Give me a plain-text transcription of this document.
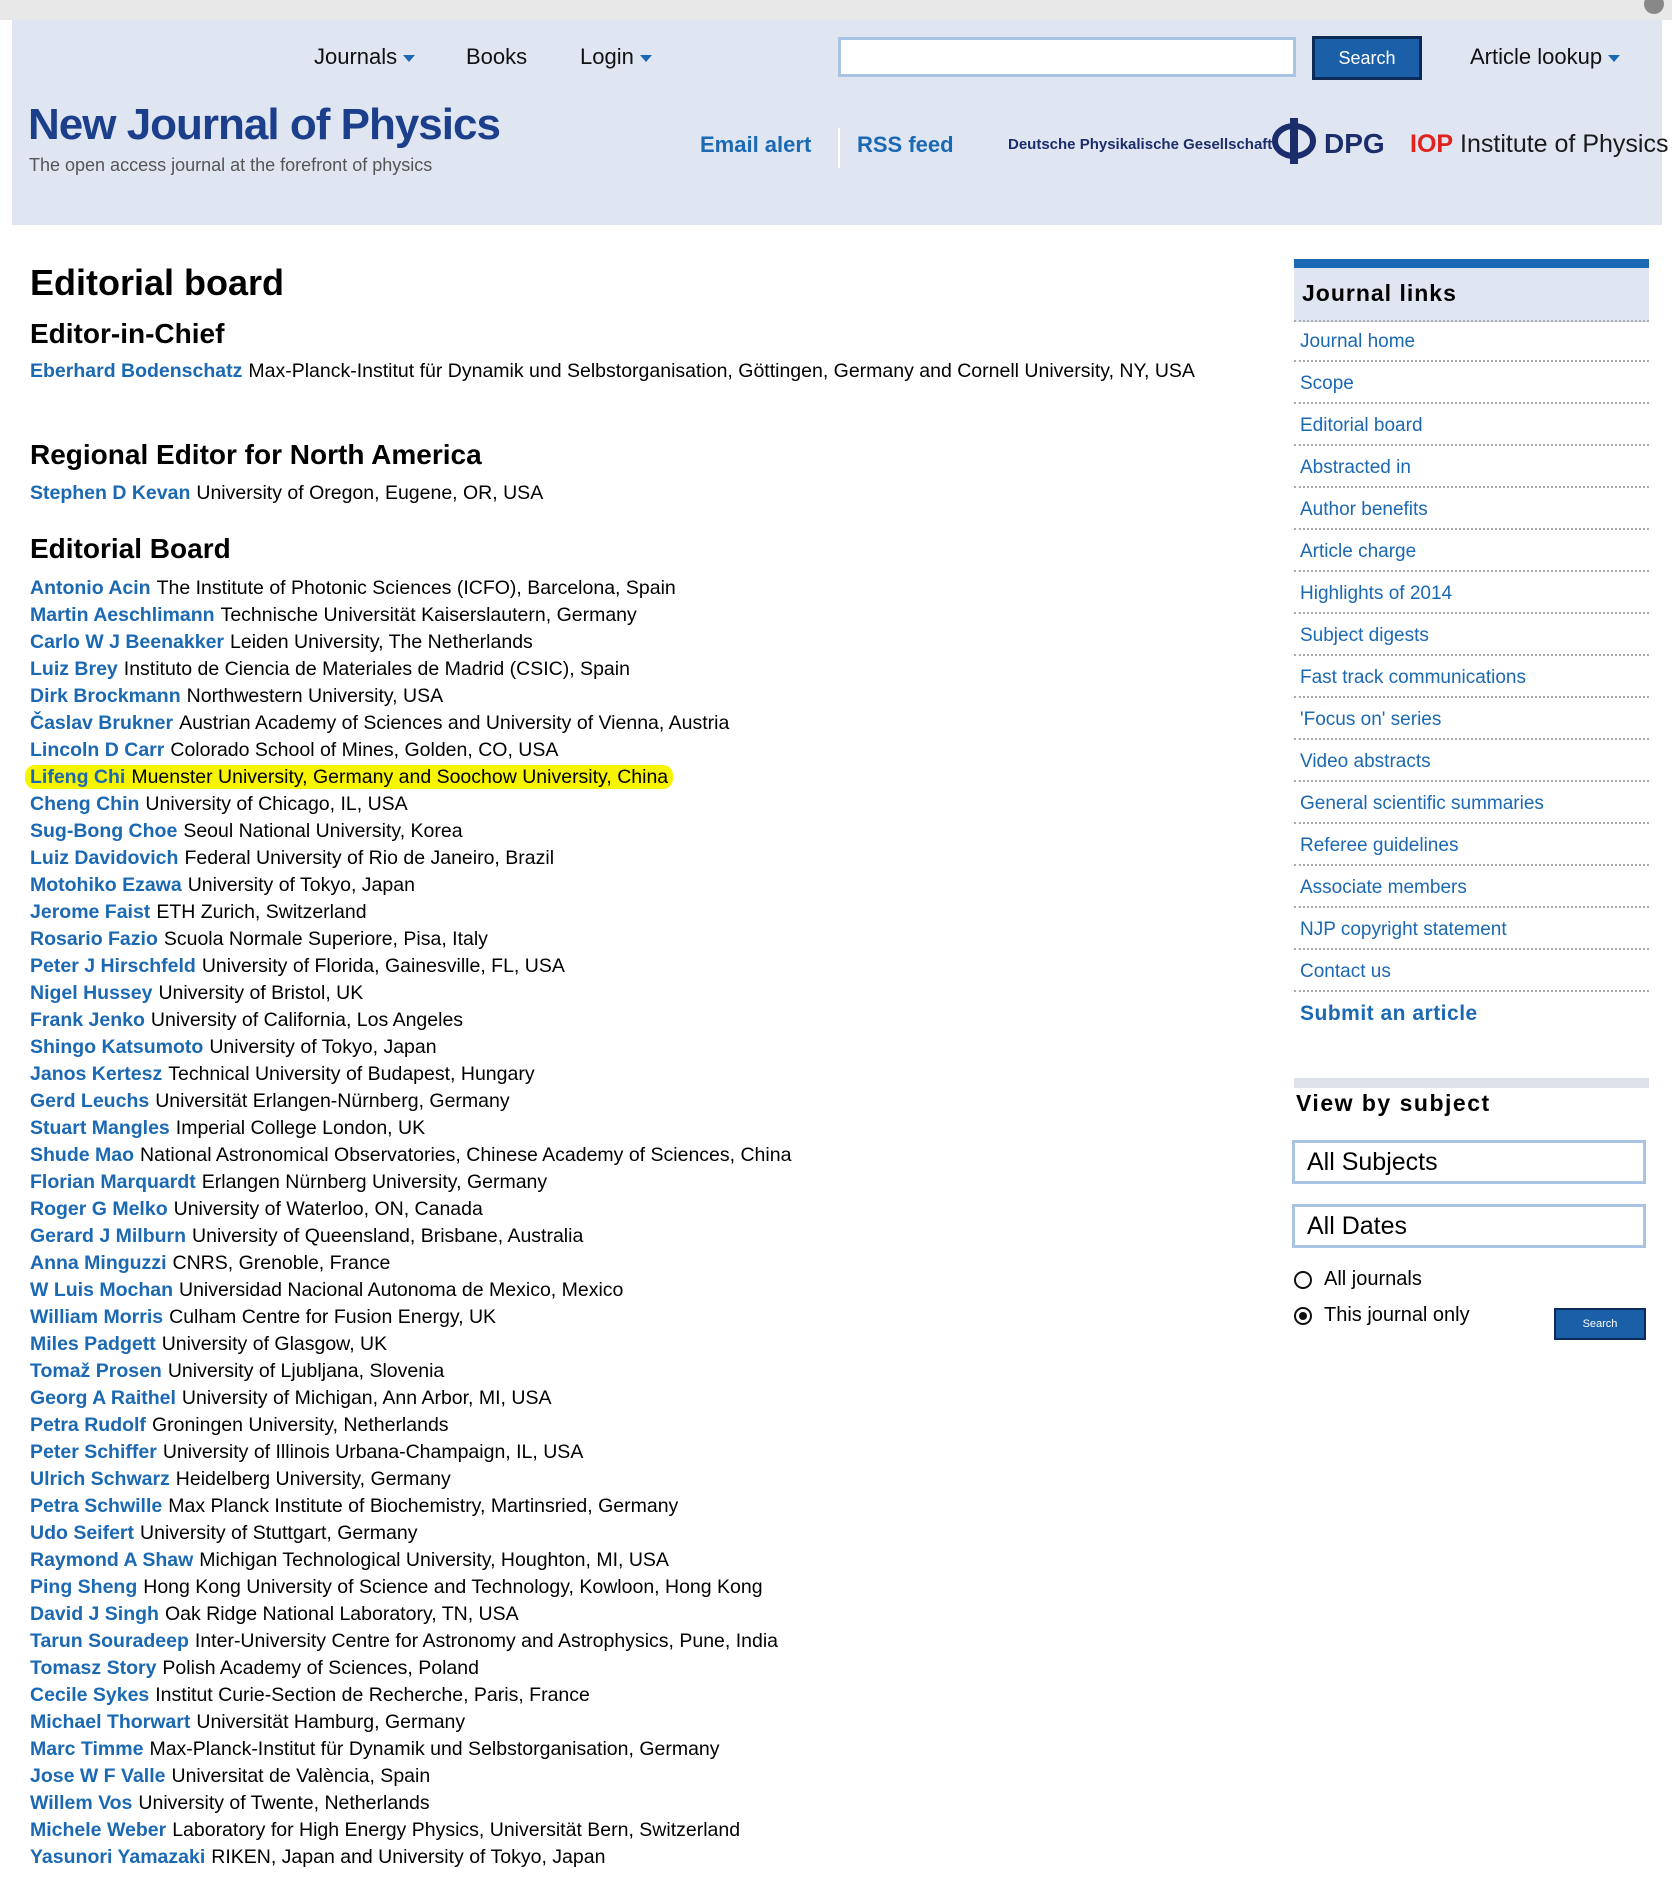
Journals	Books Login	Search	Article lookup
New Journal of Physics
The open access journal at the forefront of physics
Email alert RSS feed	Deutsche Physikalische Gesellschaft DPG IOP Institute of Physics
Editorial board
Editor-in-Chief
Eberhard Bodenschatz Max-Planck-Institut für Dynamik und Selbstorganisation, Göttingen, Germany and Cornell University, NY, USA
Regional Editor for North America
Stephen D Kevan University of Oregon, Eugene, OR, USA
Editorial Board
Antonio Acin The Institute of Photonic Sciences (ICFO), Barcelona, Spain
Martin Aeschlimann Technische Universität Kaiserslautern, Germany
Carlo W J Beenakker Leiden University, The Netherlands
Luiz Brey Instituto de Ciencia de Materiales de Madrid (CSIC), Spain
Dirk Brockmann Northwestern University, USA
Časlav Brukner Austrian Academy of Sciences and University of Vienna, Austria
Lincoln D Carr Colorado School of Mines, Golden, CO, USA
Lifeng Chi Muenster University, Germany and Soochow University, China
Cheng Chin University of Chicago, IL, USA
Sug-Bong Choe Seoul National University, Korea
Luiz Davidovich Federal University of Rio de Janeiro, Brazil
Motohiko Ezawa University of Tokyo, Japan
Jerome Faist ETH Zurich, Switzerland
Rosario Fazio Scuola Normale Superiore, Pisa, Italy
Peter J Hirschfeld University of Florida, Gainesville, FL, USA
Nigel Hussey University of Bristol, UK
Frank Jenko University of California, Los Angeles
Shingo Katsumoto University of Tokyo, Japan
Janos Kertesz Technical University of Budapest, Hungary
Gerd Leuchs Universität Erlangen-Nürnberg, Germany
Stuart Mangles Imperial College London, UK
Shude Mao National Astronomical Observatories, Chinese Academy of Sciences, China
Florian Marquardt Erlangen Nürnberg University, Germany
Roger G Melko University of Waterloo, ON, Canada
Gerard J Milburn University of Queensland, Brisbane, Australia
Anna Minguzzi CNRS, Grenoble, France
W Luis Mochan Universidad Nacional Autonoma de Mexico, Mexico
William Morris Culham Centre for Fusion Energy, UK
Miles Padgett University of Glasgow, UK
Tomaž Prosen University of Ljubljana, Slovenia
Georg A Raithel University of Michigan, Ann Arbor, MI, USA
Petra Rudolf Groningen University, Netherlands
Peter Schiffer University of Illinois Urbana-Champaign, IL, USA
Ulrich Schwarz Heidelberg University, Germany
Petra Schwille Max Planck Institute of Biochemistry, Martinsried, Germany
Udo Seifert University of Stuttgart, Germany
Raymond A Shaw Michigan Technological University, Houghton, MI, USA
Ping Sheng Hong Kong University of Science and Technology, Kowloon, Hong Kong
David J Singh Oak Ridge National Laboratory, TN, USA
Tarun Souradeep Inter-University Centre for Astronomy and Astrophysics, Pune, India
Tomasz Story Polish Academy of Sciences, Poland
Cecile Sykes Institut Curie-Section de Recherche, Paris, France
Michael Thorwart Universität Hamburg, Germany
Marc Timme Max-Planck-Institut für Dynamik und Selbstorganisation, Germany
Jose W F Valle Universitat de València, Spain
Willem Vos University of Twente, Netherlands
Michele Weber Laboratory for High Energy Physics, Universität Bern, Switzerland
Yasunori Yamazaki RIKEN, Japan and University of Tokyo, Japan
Journal links
Journal home
Scope
Editorial board
Abstracted in
Author benefits
Article charge
Highlights of 2014
Subject digests
Fast track communications
'Focus on' series
Video abstracts
General scientific summaries
Referee guidelines
Associate members
NJP copyright statement
Contact us
Submit an article
View by subject
All Subjects
All Dates
All journals
This journal only	Search
